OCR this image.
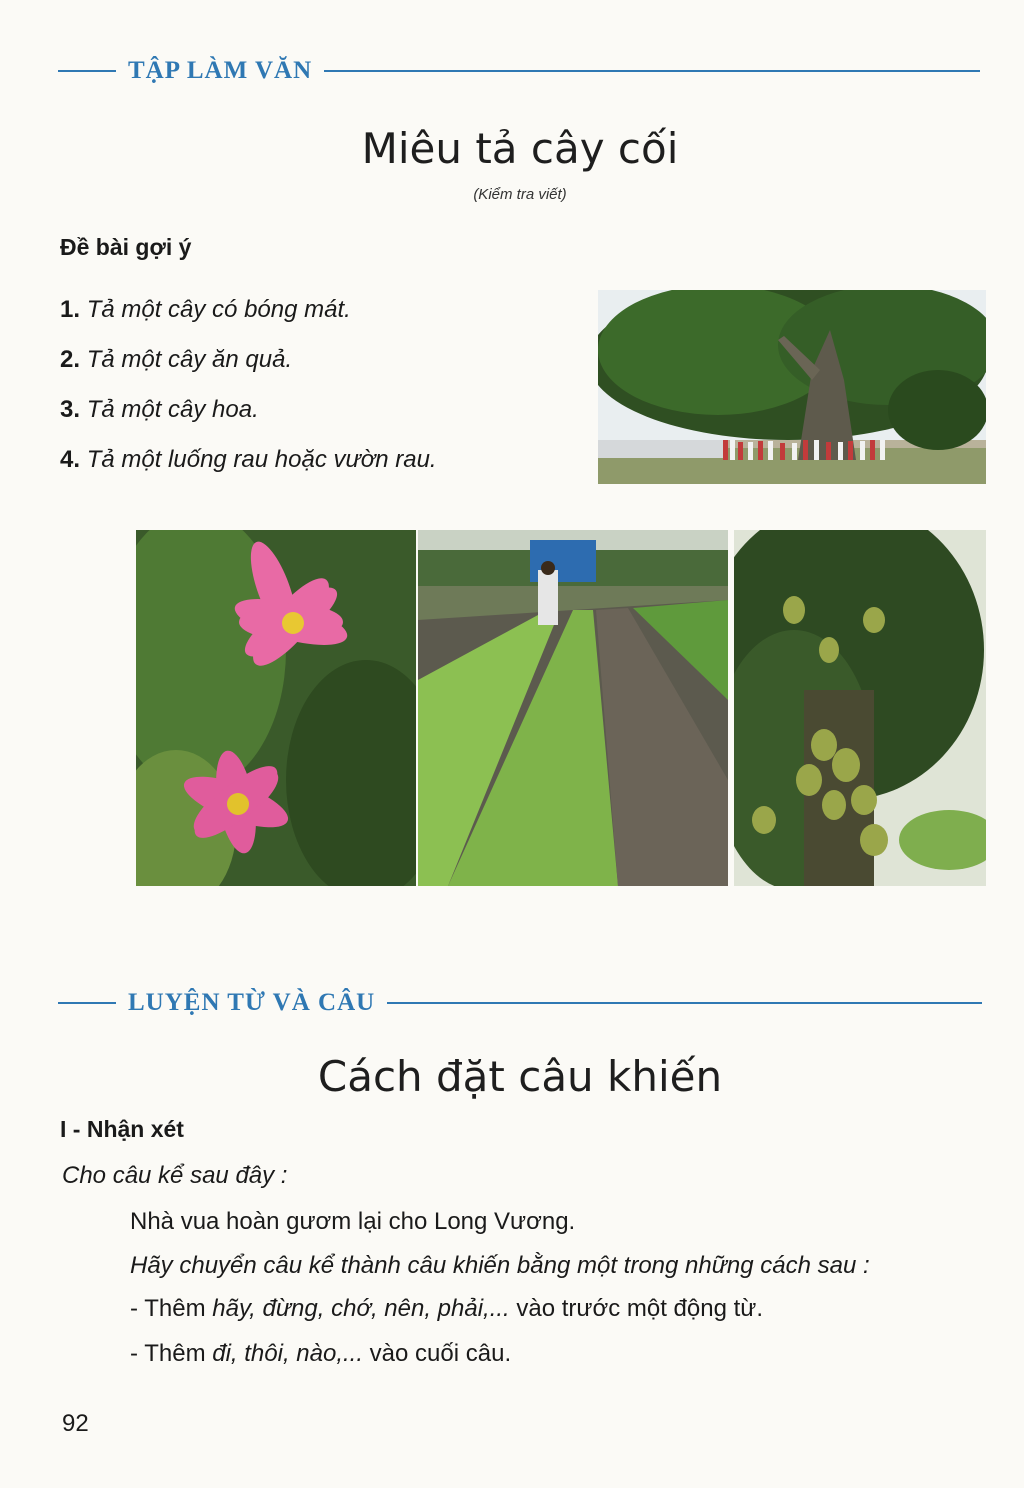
TẬP LÀM VĂN
Miêu tả cây cối
(Kiểm tra viết)
Đề bài gợi ý
1. Tả một cây có bóng mát.
2. Tả một cây ăn quả.
3. Tả một cây hoa.
4. Tả một luống rau hoặc vườn rau.
LUYỆN TỪ VÀ CÂU
Cách đặt câu khiến
I - Nhận xét
Cho câu kể sau đây :
Nhà vua hoàn gươm lại cho Long Vương.
Hãy chuyển câu kể thành câu khiến bằng một trong những cách sau :
- Thêm hãy, đừng, chớ, nên, phải,... vào trước một động từ.
- Thêm đi, thôi, nào,... vào cuối câu.
92
